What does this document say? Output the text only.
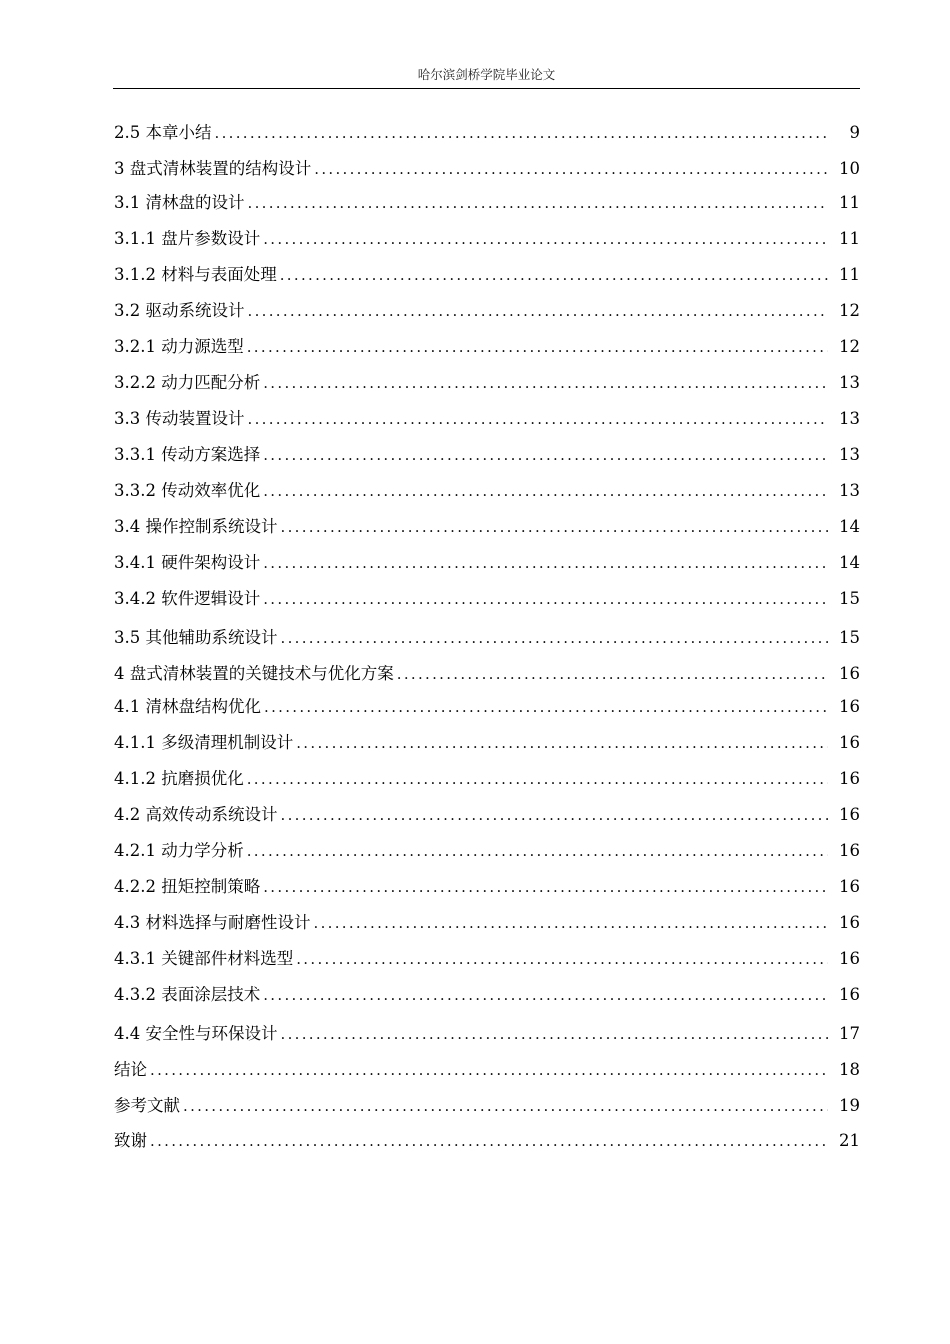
哈尔滨剑桥学院毕业论文
2.5 本章小结 .....	9
3 盘式清林装置的结构设计 .....	10
3.1 清林盘的设计 .....	11
3.1.1 盘片参数设计 .....	11
3.1.2 材料与表面处理 .....	11
3.2 驱动系统设计 .....	12
3.2.1 动力源选型 .....	12
3.2.2 动力匹配分析 .....	13
3.3 传动装置设计 .....	13
3.3.1 传动方案选择 .....	13
3.3.2 传动效率优化 .....	13
3.4 操作控制系统设计 .....	14
3.4.1 硬件架构设计 .....	14
3.4.2 软件逻辑设计 .....	15
3.5 其他辅助系统设计 .....	15
4 盘式清林装置的关键技术与优化方案 .....	16
4.1 清林盘结构优化 .....	16
4.1.1 多级清理机制设计 .....	16
4.1.2 抗磨损优化 .....	16
4.2 高效传动系统设计 .....	16
4.2.1 动力学分析 .....	16
4.2.2 扭矩控制策略 .....	16
4.3 材料选择与耐磨性设计 .....	16
4.3.1 关键部件材料选型 .....	16
4.3.2 表面涂层技术 .....	16
4.4 安全性与环保设计 .....	17
结论 .....	18
参考文献 .....	19
致谢 .....	21
